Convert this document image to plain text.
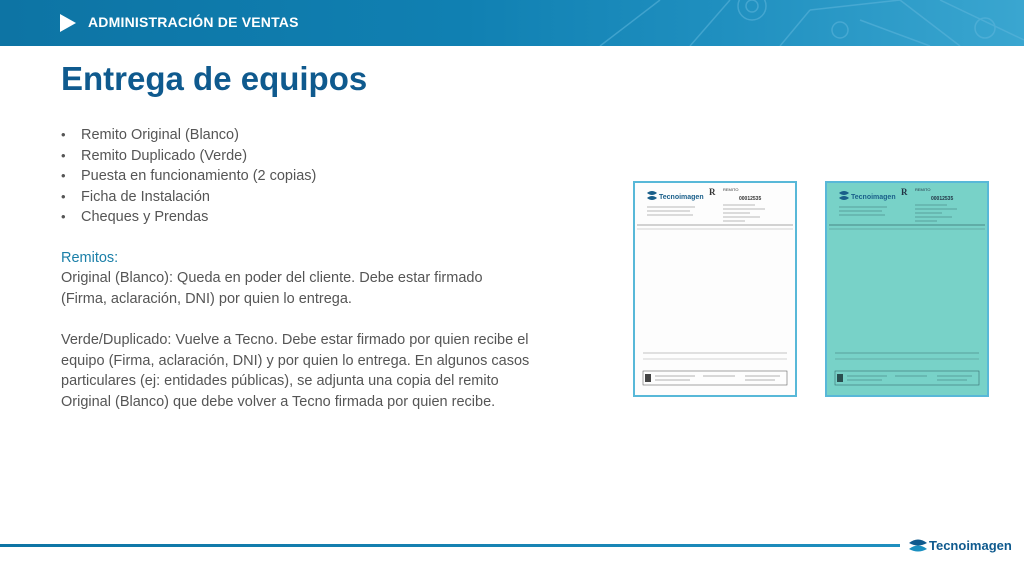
ADMINISTRACIÓN DE VENTAS
Entrega de equipos
• Remito Original (Blanco)
• Remito Duplicado (Verde)
• Puesta en funcionamiento (2 copias)
• Ficha de Instalación
• Cheques y Prendas
Remitos:

Original (Blanco): Queda en poder del cliente. Debe estar firmado (Firma, aclaración, DNI) por quien lo entrega.

Verde/Duplicado: Vuelve a Tecno. Debe estar firmado por quien recibe el equipo (Firma, aclaración, DNI) y por quien lo entrega. En algunos casos particulares (ej: entidades públicas), se adjunta una copia del remito Original (Blanco) que debe volver a Tecno firmada por quien recibe.

Tecnoimagen
R REMITO
00012535	Tecnoimagen
R REMITO
00012535
Tecnoimagen
